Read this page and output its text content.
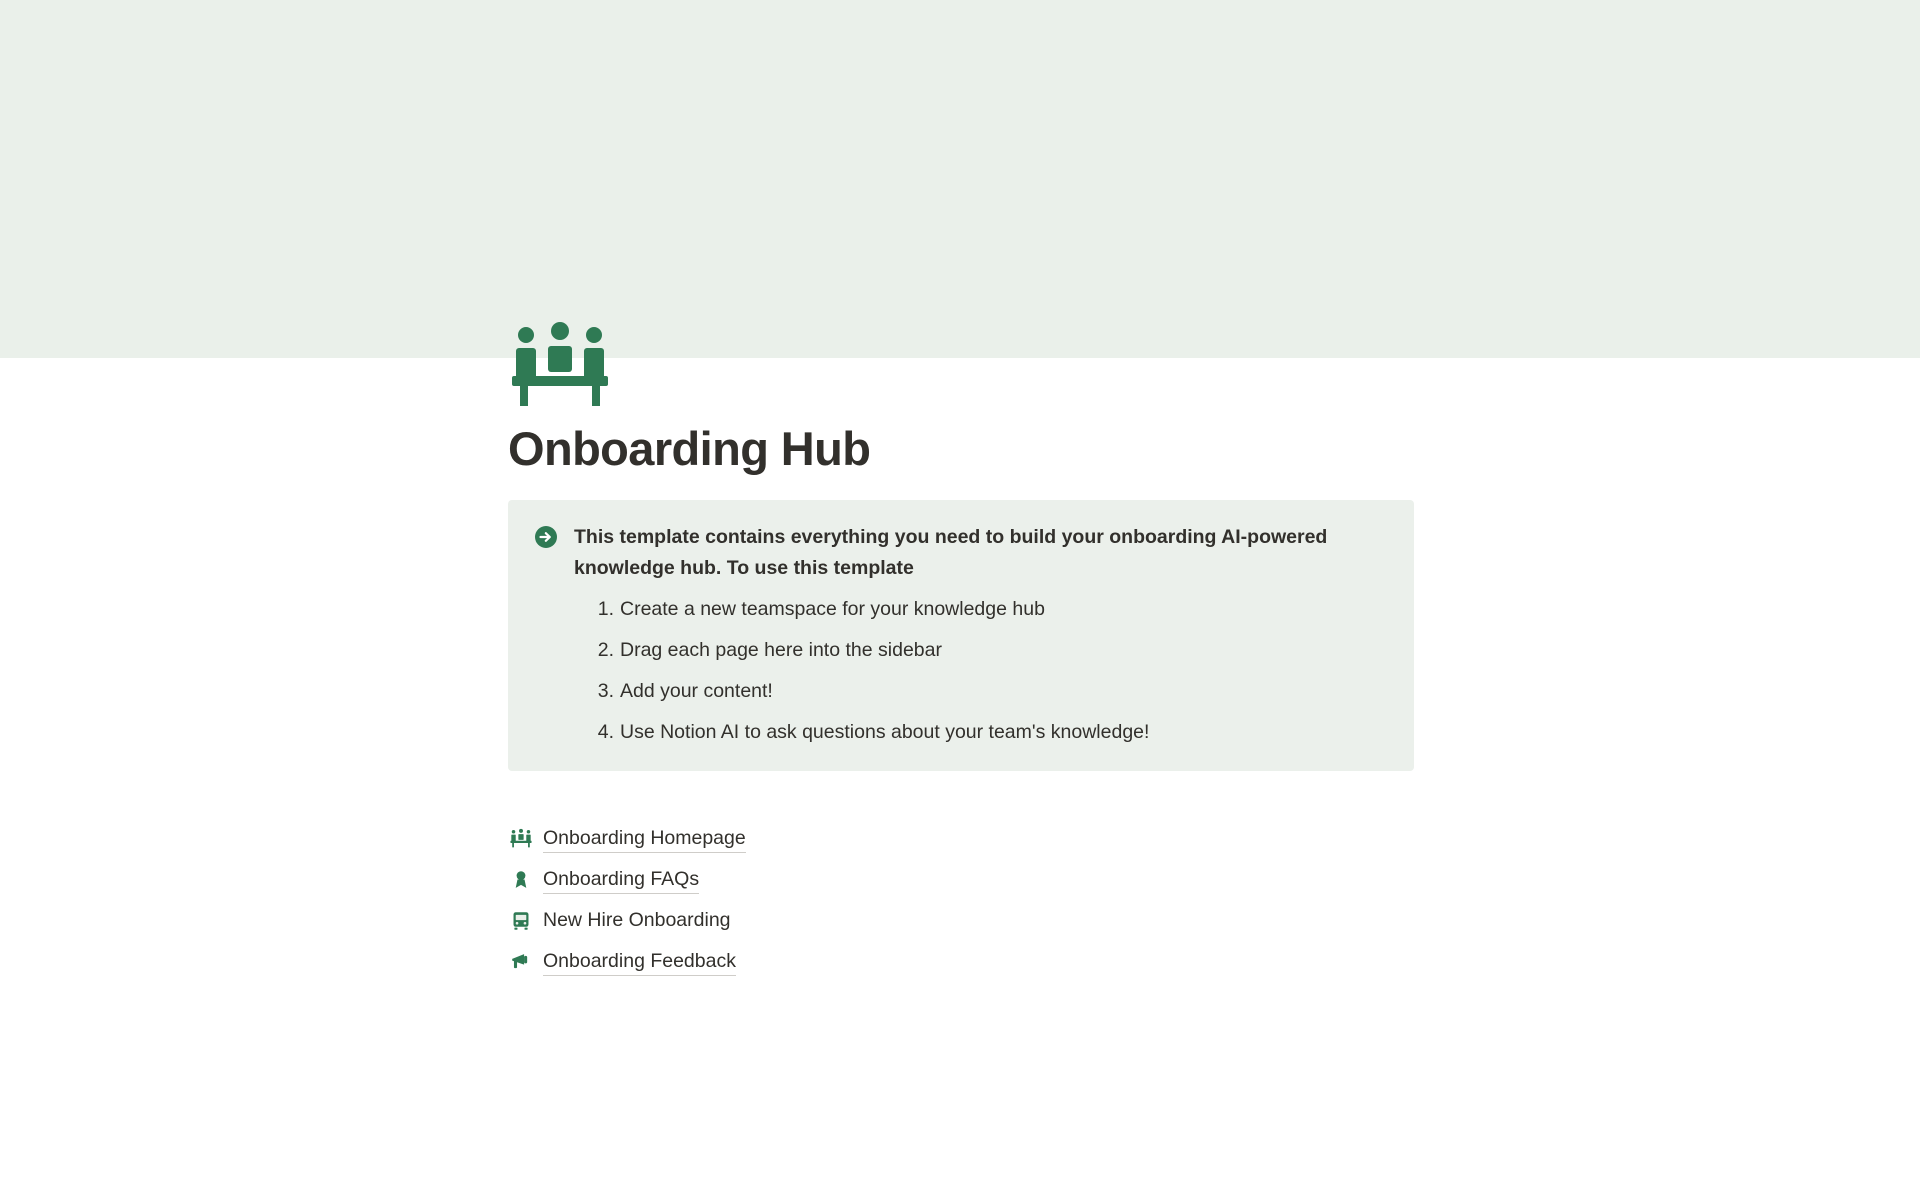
Onboarding Hub

This template contains everything you need to build your onboarding AI-powered knowledge hub. To use this template

Create a new teamspace for your knowledge hub
Drag each page here into the sidebar
Add your content!
Use Notion AI to ask questions about your team's knowledge!
Onboarding Homepage
Onboarding FAQs
New Hire Onboarding
Onboarding Feedback
